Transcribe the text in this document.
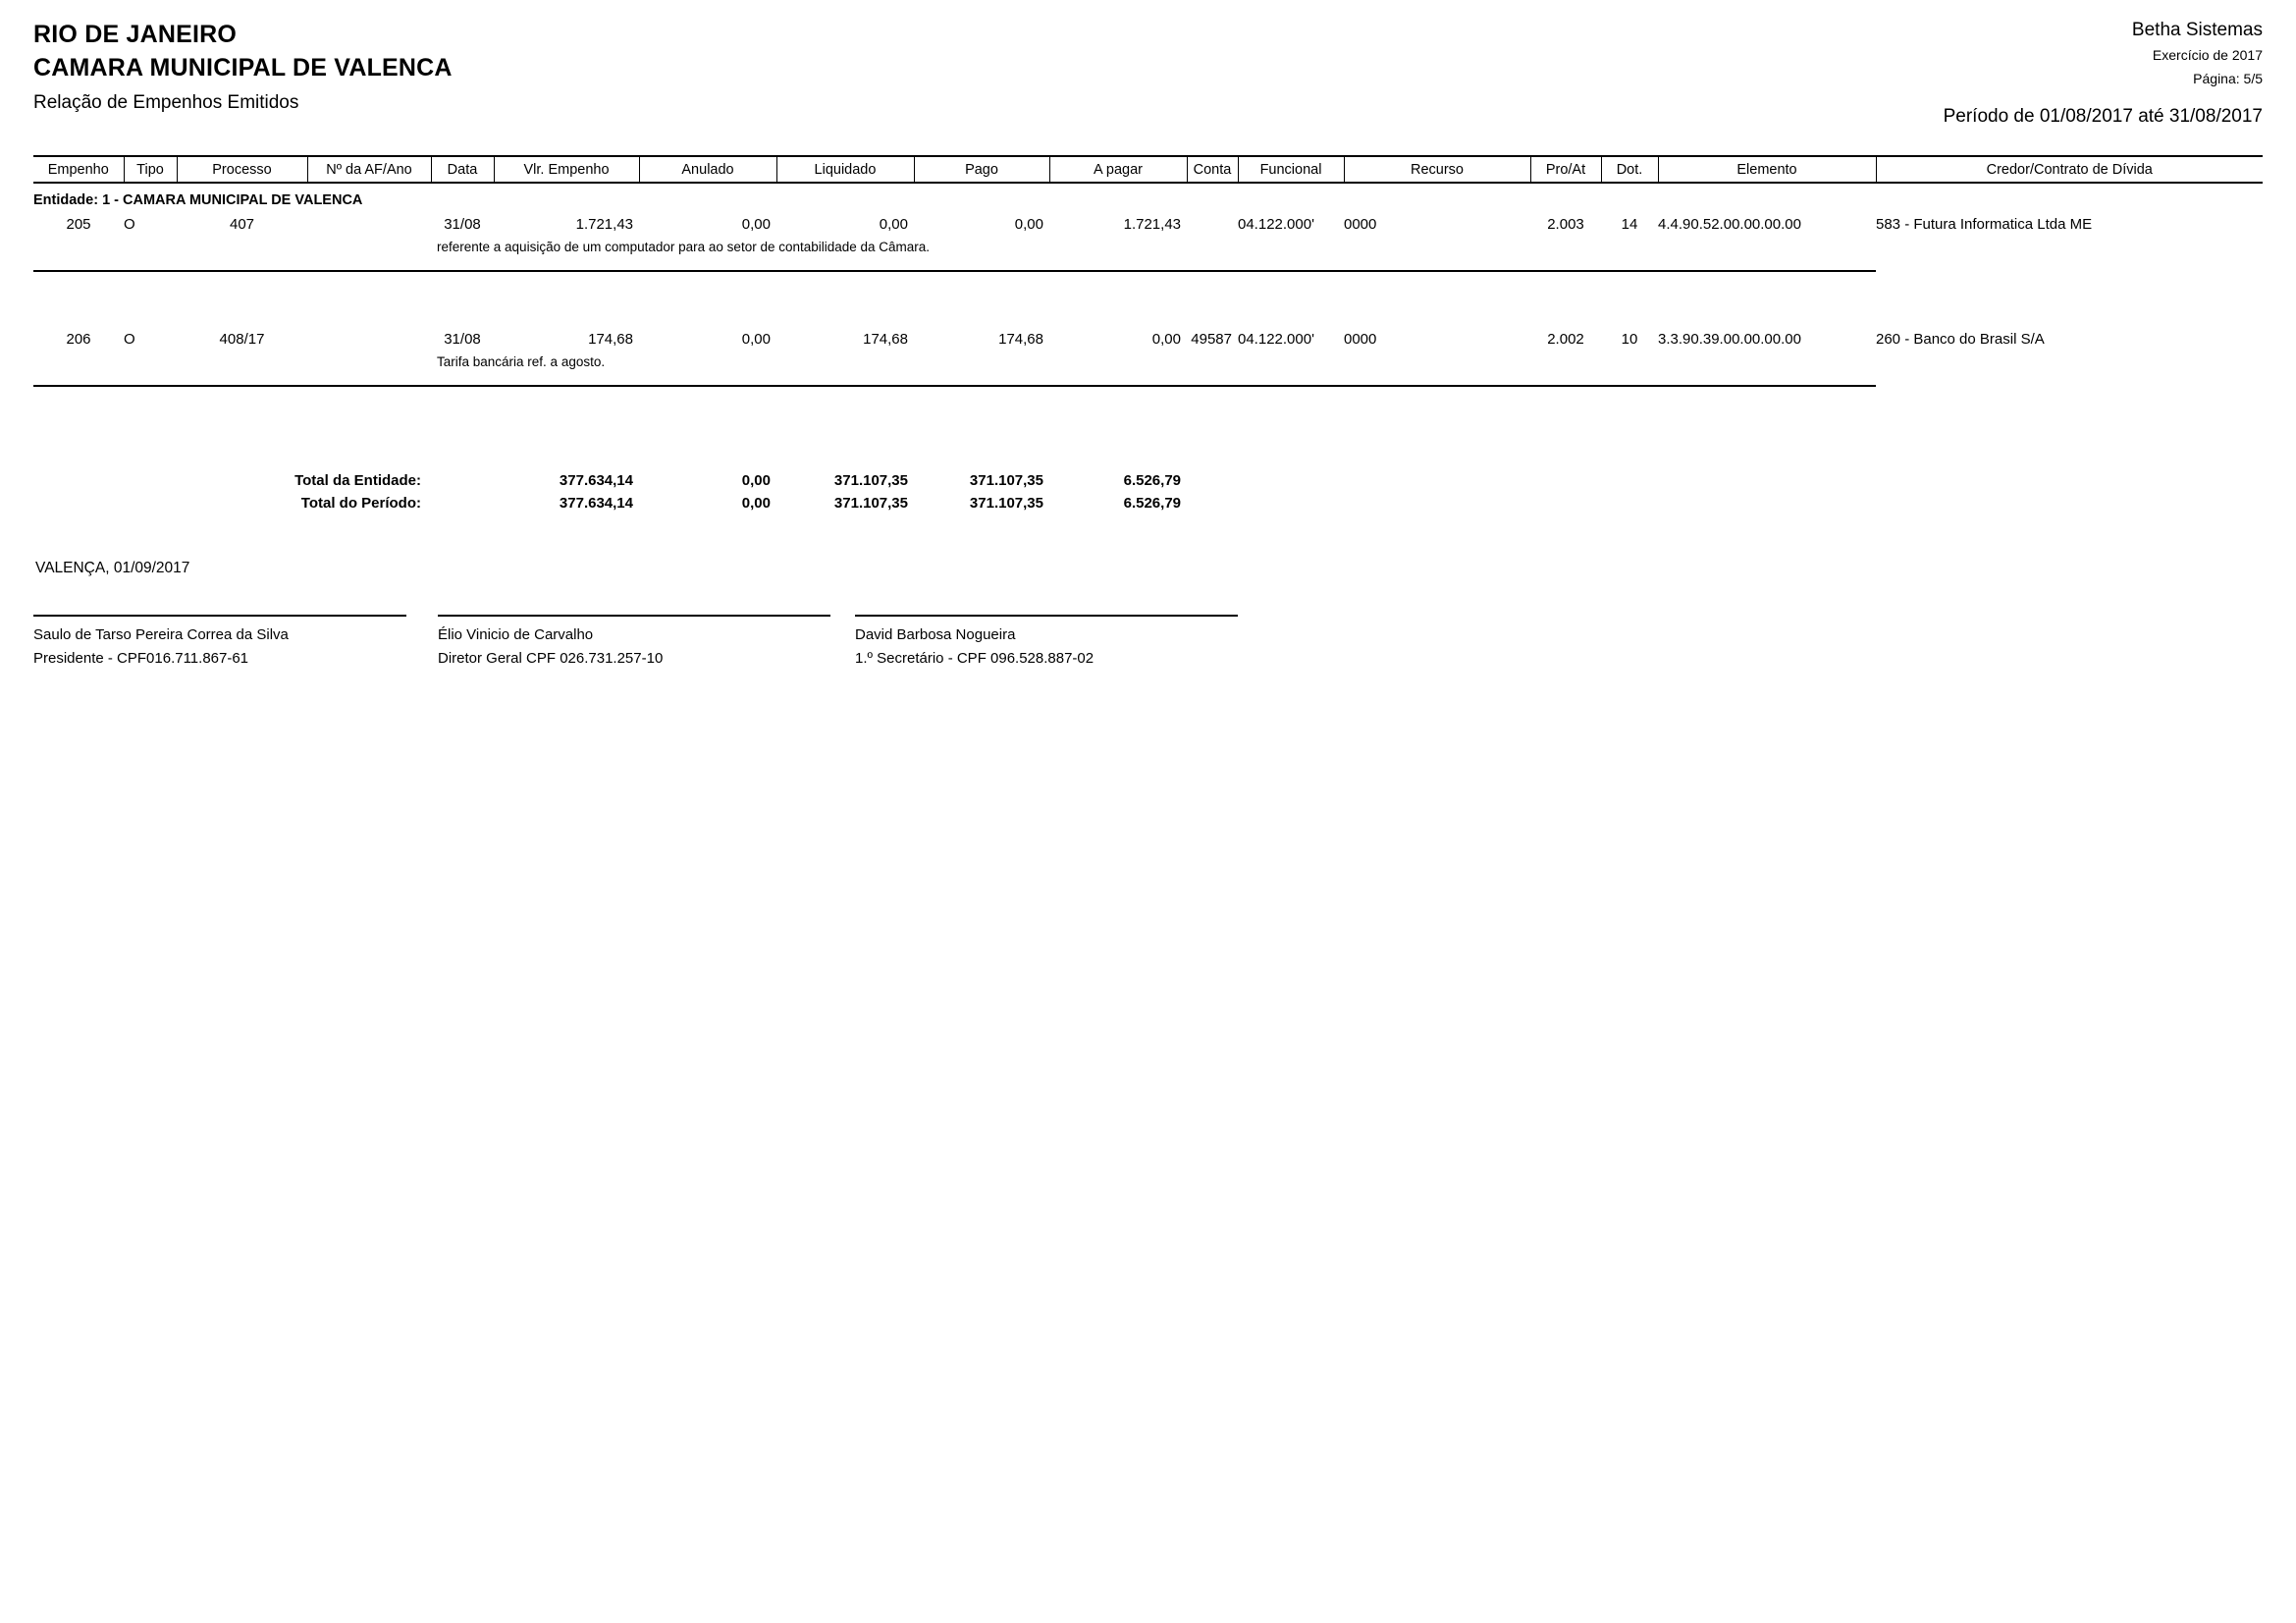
RIO DE JANEIRO
CAMARA MUNICIPAL DE VALENCA
Relação de Empenhos Emitidos
Betha Sistemas
Exercício de 2017
Página: 5/5
Período de 01/08/2017 até 31/08/2017
Empenho	Tipo	Processo	Nº da AF/Ano	Data	Vlr. Empenho	Anulado	Liquidado	Pago	A pagar	Conta	Funcional	Recurso	Pro/At	Dot.	Elemento	Credor/Contrato de Dívida
Entidade: 1 - CAMARA MUNICIPAL DE VALENCA																
205	O	407		31/08	1.721,43	0,00	0,00	0,00	1.721,43		04.122.000'	0000	2.003	14	4.4.90.52.00.00.00.00	583 - Futura Informatica Ltda ME

				referente a aquisição de um computador para ao setor de contabilidade da Câmara.												

206	O	408/17		31/08	174,68	0,00	174,68	174,68	0,00	49587	04.122.000'	0000	2.002	10	3.3.90.39.00.00.00.00	260 - Banco do Brasil S/A

				Tarifa bancária ref. a agosto.												

Total da Entidade:					377.634,14	0,00	371.107,35	371.107,35	6.526,79							
Total do Período:					377.634,14	0,00	371.107,35	371.107,35	6.526,79							
VALENÇA, 01/09/2017
Saulo de Tarso Pereira Correa da Silva
Presidente - CPF016.711.867-61
Élio Vinicio de Carvalho
Diretor Geral CPF 026.731.257-10
David Barbosa Nogueira
1.º Secretário - CPF 096.528.887-02
